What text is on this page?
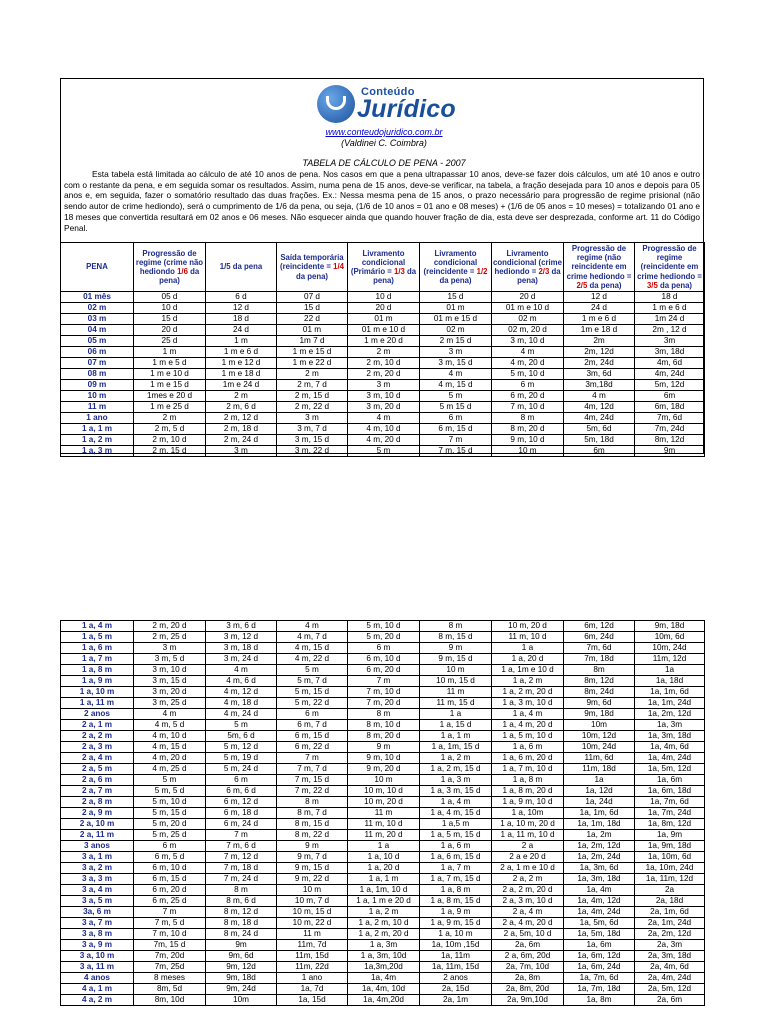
Conteúdo
Jurídico
www.conteudojuridico.com.br
(Valdinei C. Coimbra)
TABELA DE CÁLCULO DE PENA - 2007

Esta tabela está limitada ao cálculo de até 10 anos de pena. Nos casos em que a pena ultrapassar 10 anos, deve-se fazer dois cálculos, um até 10 anos e outro com o restante da pena, e em seguida somar os resultados. Assim, numa pena de 15 anos, deve-se verificar, na tabela, a fração desejada para 10 anos e depois para 05 anos e, em seguida, fazer o somatório resultado das duas frações. Ex.: Nessa mesma pena de 15 anos, o prazo necessário para progressão de regime prisional (não sendo autor de crime hediondo), será o cumprimento de 1/6 da pena, ou seja, (1/6 de 10 anos = 01 ano e 08 meses) + (1/6 de 05 anos = 10 meses) = totalizando 01 ano e 18 meses que convertida resultará em 02 anos e 06 meses. Não esquecer ainda que quando houver fração de dia, esta deve ser desprezada, conforme art. 11 do Código Penal.

PENA	Progressão de regime (crime não hediondo 1/6 da pena)	1/5 da pena	Saída temporária (reincidente = 1/4 da pena)	Livramento condicional (Primário = 1/3 da pena)	Livramento condicional (reincidente = 1/2 da pena)	Livramento condicional (crime hediondo = 2/3 da pena)	Progressão de regime (não reincidente em crime hediondo = 2/5 da pena)	Progressão de regime (reincidente em crime hediondo = 3/5 da pena)
01 mês	05 d	6 d	07 d	10 d	15 d	20 d	12 d	18 d
02 m	10 d	12 d	15 d	20 d	01 m	01 m e 10 d	24 d	1 m e 6 d
03 m	15 d	18 d	22 d	01 m	01 m e 15 d	02 m	1 m e 6 d	1m 24 d
04 m	20 d	24 d	01 m	01 m e 10 d	02 m	02 m, 20 d	1m e 18 d	2m , 12 d
05 m	25 d	1 m	1m 7 d	1 m e 20 d	2 m 15 d	3 m, 10 d	2m	3m
06 m	1 m	1 m e 6 d	1 m e 15 d	2 m	3 m	4 m	2m, 12d	3m, 18d
07 m	1 m e 5 d	1 m e 12 d	1 m e 22 d	2 m, 10 d	3 m, 15 d	4 m, 20 d	2m, 24d	4m, 6d
08 m	1 m e 10 d	1 m e 18 d	2 m	2 m, 20 d	4 m	5 m, 10 d	3m, 6d	4m, 24d
09 m	1 m e 15 d	1m e 24 d	2 m, 7 d	3 m	4 m, 15 d	6 m	3m,18d	5m, 12d
10 m	1mes e 20 d	2 m	2 m, 15 d	3 m, 10 d	5 m	6 m, 20 d	4 m	6m
11 m	1 m e 25 d	2 m, 6 d	2 m, 22 d	3 m, 20 d	5 m 15 d	7 m, 10 d	4m, 12d	6m, 18d
1 ano	2 m	2 m, 12 d	3 m	4 m	6 m	8 m	4m, 24d	7m, 6d
1 a, 1 m	2 m, 5 d	2 m, 18 d	3 m, 7 d	4 m, 10 d	6 m, 15 d	8 m, 20 d	5m, 6d	7m, 24d
1 a, 2 m	2 m, 10 d	2 m, 24 d	3 m, 15 d	4 m, 20 d	7 m	9 m, 10 d	5m, 18d	8m, 12d
1 a, 3 m	2 m, 15 d	3 m	3 m, 22 d	5 m	7 m, 15 d	10 m	6m	9m
1 a, 4 m	2 m, 20 d	3 m, 6 d	4 m	5 m, 10 d	8 m	10 m, 20 d	6m, 12d	9m, 18d
1 a, 5 m	2 m, 25 d	3 m, 12 d	4 m, 7 d	5 m, 20 d	8 m, 15 d	11 m, 10 d	6m, 24d	10m, 6d
1 a, 6 m	3 m	3 m, 18 d	4 m, 15 d	6 m	9 m	1 a	7m, 6d	10m, 24d
1 a, 7 m	3 m, 5 d	3 m, 24 d	4 m, 22 d	6 m, 10 d	9 m, 15 d	1 a, 20 d	7m, 18d	11m, 12d
1 a, 8 m	3 m, 10 d	4 m	5 m	6 m, 20 d	10 m	1 a, 1m e 10 d	8m	1a
1 a, 9 m	3 m, 15 d	4 m, 6 d	5 m, 7 d	7 m	10 m, 15 d	1 a, 2 m	8m, 12d	1a, 18d
1 a, 10 m	3 m, 20 d	4 m, 12 d	5 m, 15 d	7 m, 10 d	11 m	1 a, 2 m, 20 d	8m, 24d	1a, 1m, 6d
1 a, 11 m	3 m, 25 d	4 m, 18 d	5 m, 22 d	7 m, 20 d	11 m, 15 d	1 a, 3 m, 10 d	9m, 6d	1a, 1m, 24d
2 anos	4 m	4 m, 24 d	6 m	8 m	1 a	1 a, 4 m	9m, 18d	1a, 2m, 12d
2 a, 1 m	4 m, 5 d	5 m	6 m, 7 d	8 m, 10 d	1 a, 15 d	1 a, 4 m, 20 d	10m	1a, 3m
2 a, 2 m	4 m, 10 d	5m, 6 d	6 m, 15 d	8 m, 20 d	1 a, 1 m	1 a, 5 m, 10 d	10m, 12d	1a, 3m, 18d
2 a, 3 m	4 m, 15 d	5 m, 12 d	6 m, 22 d	9 m	1 a, 1m, 15 d	1 a, 6 m	10m, 24d	1a, 4m, 6d
2 a, 4 m	4 m, 20 d	5 m, 19 d	7 m	9 m, 10 d	1 a, 2 m	1 a, 6 m, 20 d	11m, 6d	1a, 4m, 24d
2 a, 5 m	4 m, 25 d	5 m, 24 d	7 m, 7 d	9 m, 20 d	1 a, 2 m, 15 d	1 a, 7 m, 10 d	11m, 18d	1a, 5m, 12d
2 a, 6 m	5 m	6 m	7 m, 15 d	10 m	1 a, 3 m	1 a, 8 m	1a	1a, 6m
2 a, 7 m	5 m, 5 d	6 m, 6 d	7 m, 22 d	10 m, 10 d	1 a, 3 m, 15 d	1 a, 8 m, 20 d	1a, 12d	1a, 6m, 18d
2 a, 8 m	5 m, 10 d	6 m, 12 d	8 m	10 m, 20 d	1 a, 4 m	1 a, 9 m, 10 d	1a, 24d	1a, 7m, 6d
2 a, 9 m	5 m, 15 d	6 m, 18 d	8 m, 7 d	11 m	1 a, 4 m, 15 d	1 a, 10m	1a, 1m, 6d	1a, 7m, 24d
2 a, 10 m	5 m, 20 d	6 m, 24 d	8 m, 15 d	11 m, 10 d	1 a,5 m	1 a, 10 m, 20 d	1a, 1m, 18d	1a, 8m, 12d
2 a, 11 m	5 m, 25 d	7 m	8 m, 22 d	11 m, 20 d	1 a, 5 m, 15 d	1 a, 11 m, 10 d	1a, 2m	1a, 9m
3 anos	6 m	7 m, 6 d	9 m	1 a	1 a, 6 m	2 a	1a, 2m, 12d	1a, 9m, 18d
3 a, 1 m	6 m, 5 d	7 m, 12 d	9 m, 7 d	1 a, 10 d	1 a, 6 m, 15 d	2 a e 20 d	1a, 2m, 24d	1a, 10m, 6d
3 a, 2 m	6 m, 10 d	7 m, 18 d	9 m, 15 d	1 a, 20 d	1 a, 7 m	2 a, 1 m e 10 d	1a, 3m, 6d	1a, 10m, 24d
3 a, 3 m	6 m, 15 d	7 m, 24 d	9 m, 22 d	1 a, 1 m	1 a, 7 m, 15 d	2 a, 2 m	1a, 3m, 18d	1a, 11m, 12d
3 a, 4 m	6 m, 20 d	8 m	10 m	1 a, 1m, 10 d	1 a, 8 m	2 a, 2 m, 20 d	1a, 4m	2a
3 a, 5 m	6 m, 25 d	8 m, 6 d	10 m, 7 d	1 a, 1 m e 20 d	1 a, 8 m, 15 d	2 a, 3 m, 10 d	1a, 4m, 12d	2a, 18d
3a, 6 m	7 m	8 m, 12 d	10 m, 15 d	1 a, 2 m	1 a, 9 m	2 a, 4 m	1a, 4m, 24d	2a, 1m, 6d
3 a, 7 m	7 m, 5 d	8 m, 18 d	10 m, 22 d	1 a, 2 m, 10 d	1 a, 9 m, 15 d	2 a, 4 m, 20 d	1a, 5m, 6d	2a, 1m, 24d
3 a, 8 m	7 m, 10 d	8 m, 24 d	11 m	1 a, 2 m, 20 d	1 a, 10 m	2 a, 5m, 10 d	1a, 5m, 18d	2a, 2m, 12d
3 a, 9 m	7m, 15 d	9m	11m, 7d	1 a, 3m	1a, 10m ,15d	2a, 6m	1a, 6m	2a, 3m
3 a, 10 m	7m, 20d	9m, 6d	11m, 15d	1 a, 3m, 10d	1a, 11m	2 a, 6m, 20d	1a, 6m, 12d	2a, 3m, 18d
3 a, 11 m	7m, 25d	9m, 12d	11m, 22d	1a,3m,20d	1a, 11m, 15d	2a, 7m, 10d	1a, 6m, 24d	2a, 4m, 6d
4 anos	8 meses	9m, 18d	1 ano	1a, 4m	2 anos	2a, 8m	1a, 7m, 6d	2a, 4m, 24d
4 a, 1 m	8m, 5d	9m, 24d	1a, 7d	1a, 4m, 10d	2a, 15d	2a, 8m, 20d	1a, 7m, 18d	2a, 5m, 12d
4 a, 2 m	8m, 10d	10m	1a, 15d	1a, 4m,20d	2a, 1m	2a, 9m,10d	1a, 8m	2a, 6m
